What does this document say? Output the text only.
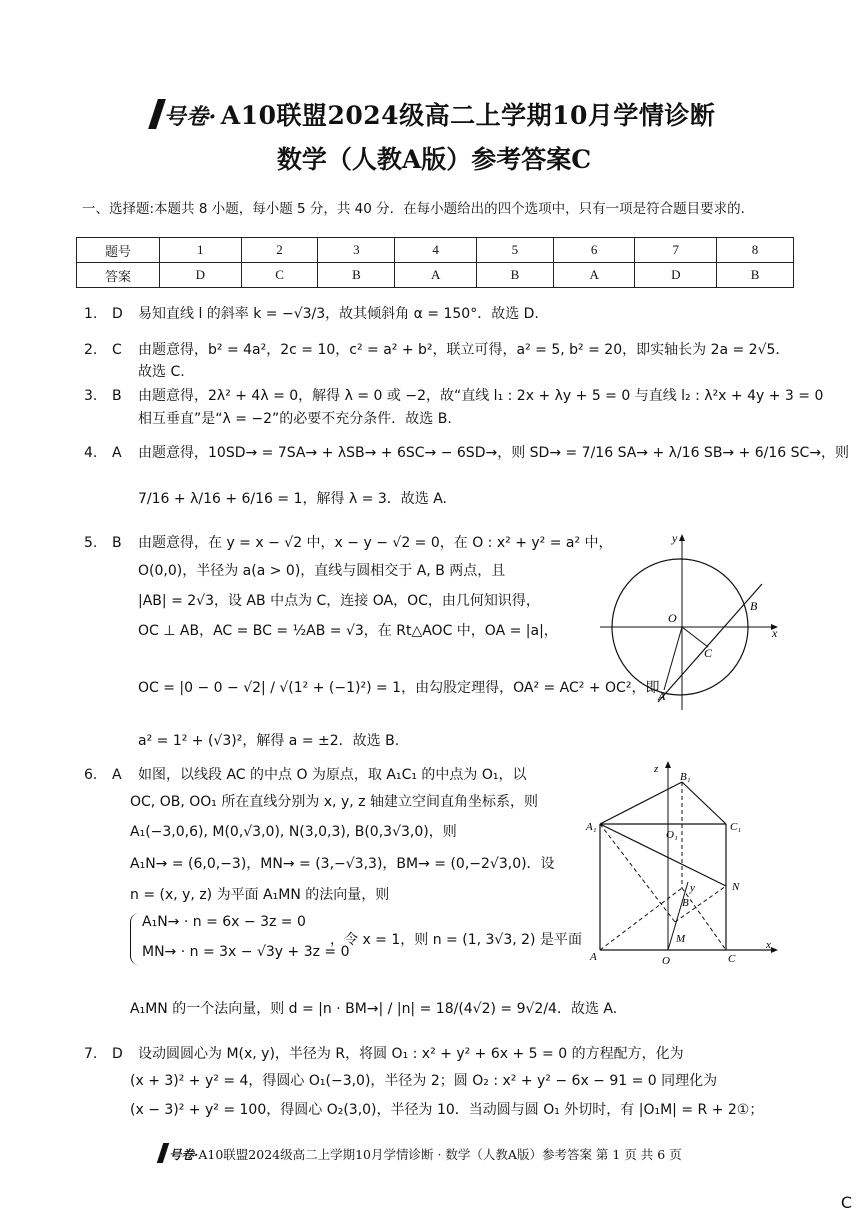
号卷· A10联盟2024级高二上学期10月学情诊断
数学（人教A版）参考答案C
一、选择题:本题共 8 小题，每小题 5 分，共 40 分．在每小题给出的四个选项中，只有一项是符合题目要求的．
题号	1	2	3	4	5	6	7	8
答案	D	C	B	A	B	A	D	B
1. D 易知直线 l 的斜率 k = −√3/3，故其倾斜角 α = 150°．故选 D.
2. C 由题意得，b² = 4a²，2c = 10，c² = a² + b²，联立可得，a² = 5, b² = 20，即实轴长为 2a = 2√5．
故选 C.
3. B 由题意得，2λ² + 4λ = 0，解得 λ = 0 或 −2，故“直线 l₁ : 2x + λy + 5 = 0 与直线 l₂ : λ²x + 4y + 3 = 0
相互垂直”是“λ = −2”的必要不充分条件．故选 B.
4. A 由题意得，10SD→ = 7SA→ + λSB→ + 6SC→ − 6SD→，则 SD→ = 7/16 SA→ + λ/16 SB→ + 6/16 SC→，则
7/16 + λ/16 + 6/16 = 1，解得 λ = 3．故选 A.
5. B 由题意得，在 y = x − √2 中，x − y − √2 = 0，在 O : x² + y² = a² 中，
O(0,0)，半径为 a(a > 0)，直线与圆相交于 A, B 两点，且
|AB| = 2√3，设 AB 中点为 C，连接 OA，OC，由几何知识得，
OC ⊥ AB，AC = BC = ½AB = √3，在 Rt△AOC 中，OA = |a|，
OC = |0 − 0 − √2| / √(1² + (−1)²) = 1，由勾股定理得，OA² = AC² + OC²，即
a² = 1² + (√3)²，解得 a = ±2．故选 B.
y
O
B
x
C
A
6. A 如图，以线段 AC 的中点 O 为原点，取 A₁C₁ 的中点为 O₁，以
OC, OB, OO₁ 所在直线分别为 x, y, z 轴建立空间直角坐标系，则
A₁(−3,0,6), M(0,√3,0), N(3,0,3), B(0,3√3,0)，则
A₁N→ = (6,0,−3)，MN→ = (3,−√3,3)，BM→ = (0,−2√3,0)．设
n = (x, y, z) 为平面 A₁MN 的法向量，则
A₁N→ · n = 6x − 3z = 0
MN→ · n = 3x − √3y + 3z = 0
，令 x = 1，则 n = (1, 3√3, 2) 是平面
A₁MN 的一个法向量，则 d = |n · BM→| / |n| = 18/(4√2) = 9√2/4．故选 A.
z
B₁
A₁
O₁
C₁
N
y
B
M
A	O	C
x
7. D 设动圆圆心为 M(x, y)，半径为 R，将圆 O₁ : x² + y² + 6x + 5 = 0 的方程配方，化为
(x + 3)² + y² = 4，得圆心 O₁(−3,0)，半径为 2；圆 O₂ : x² + y² − 6x − 91 = 0 同理化为
(x − 3)² + y² = 100，得圆心 O₂(3,0)，半径为 10．当动圆与圆 O₁ 外切时，有 |O₁M| = R + 2①；
号卷·A10联盟2024级高二上学期10月学情诊断 · 数学（人教A版）参考答案 第 1 页 共 6 页
C
